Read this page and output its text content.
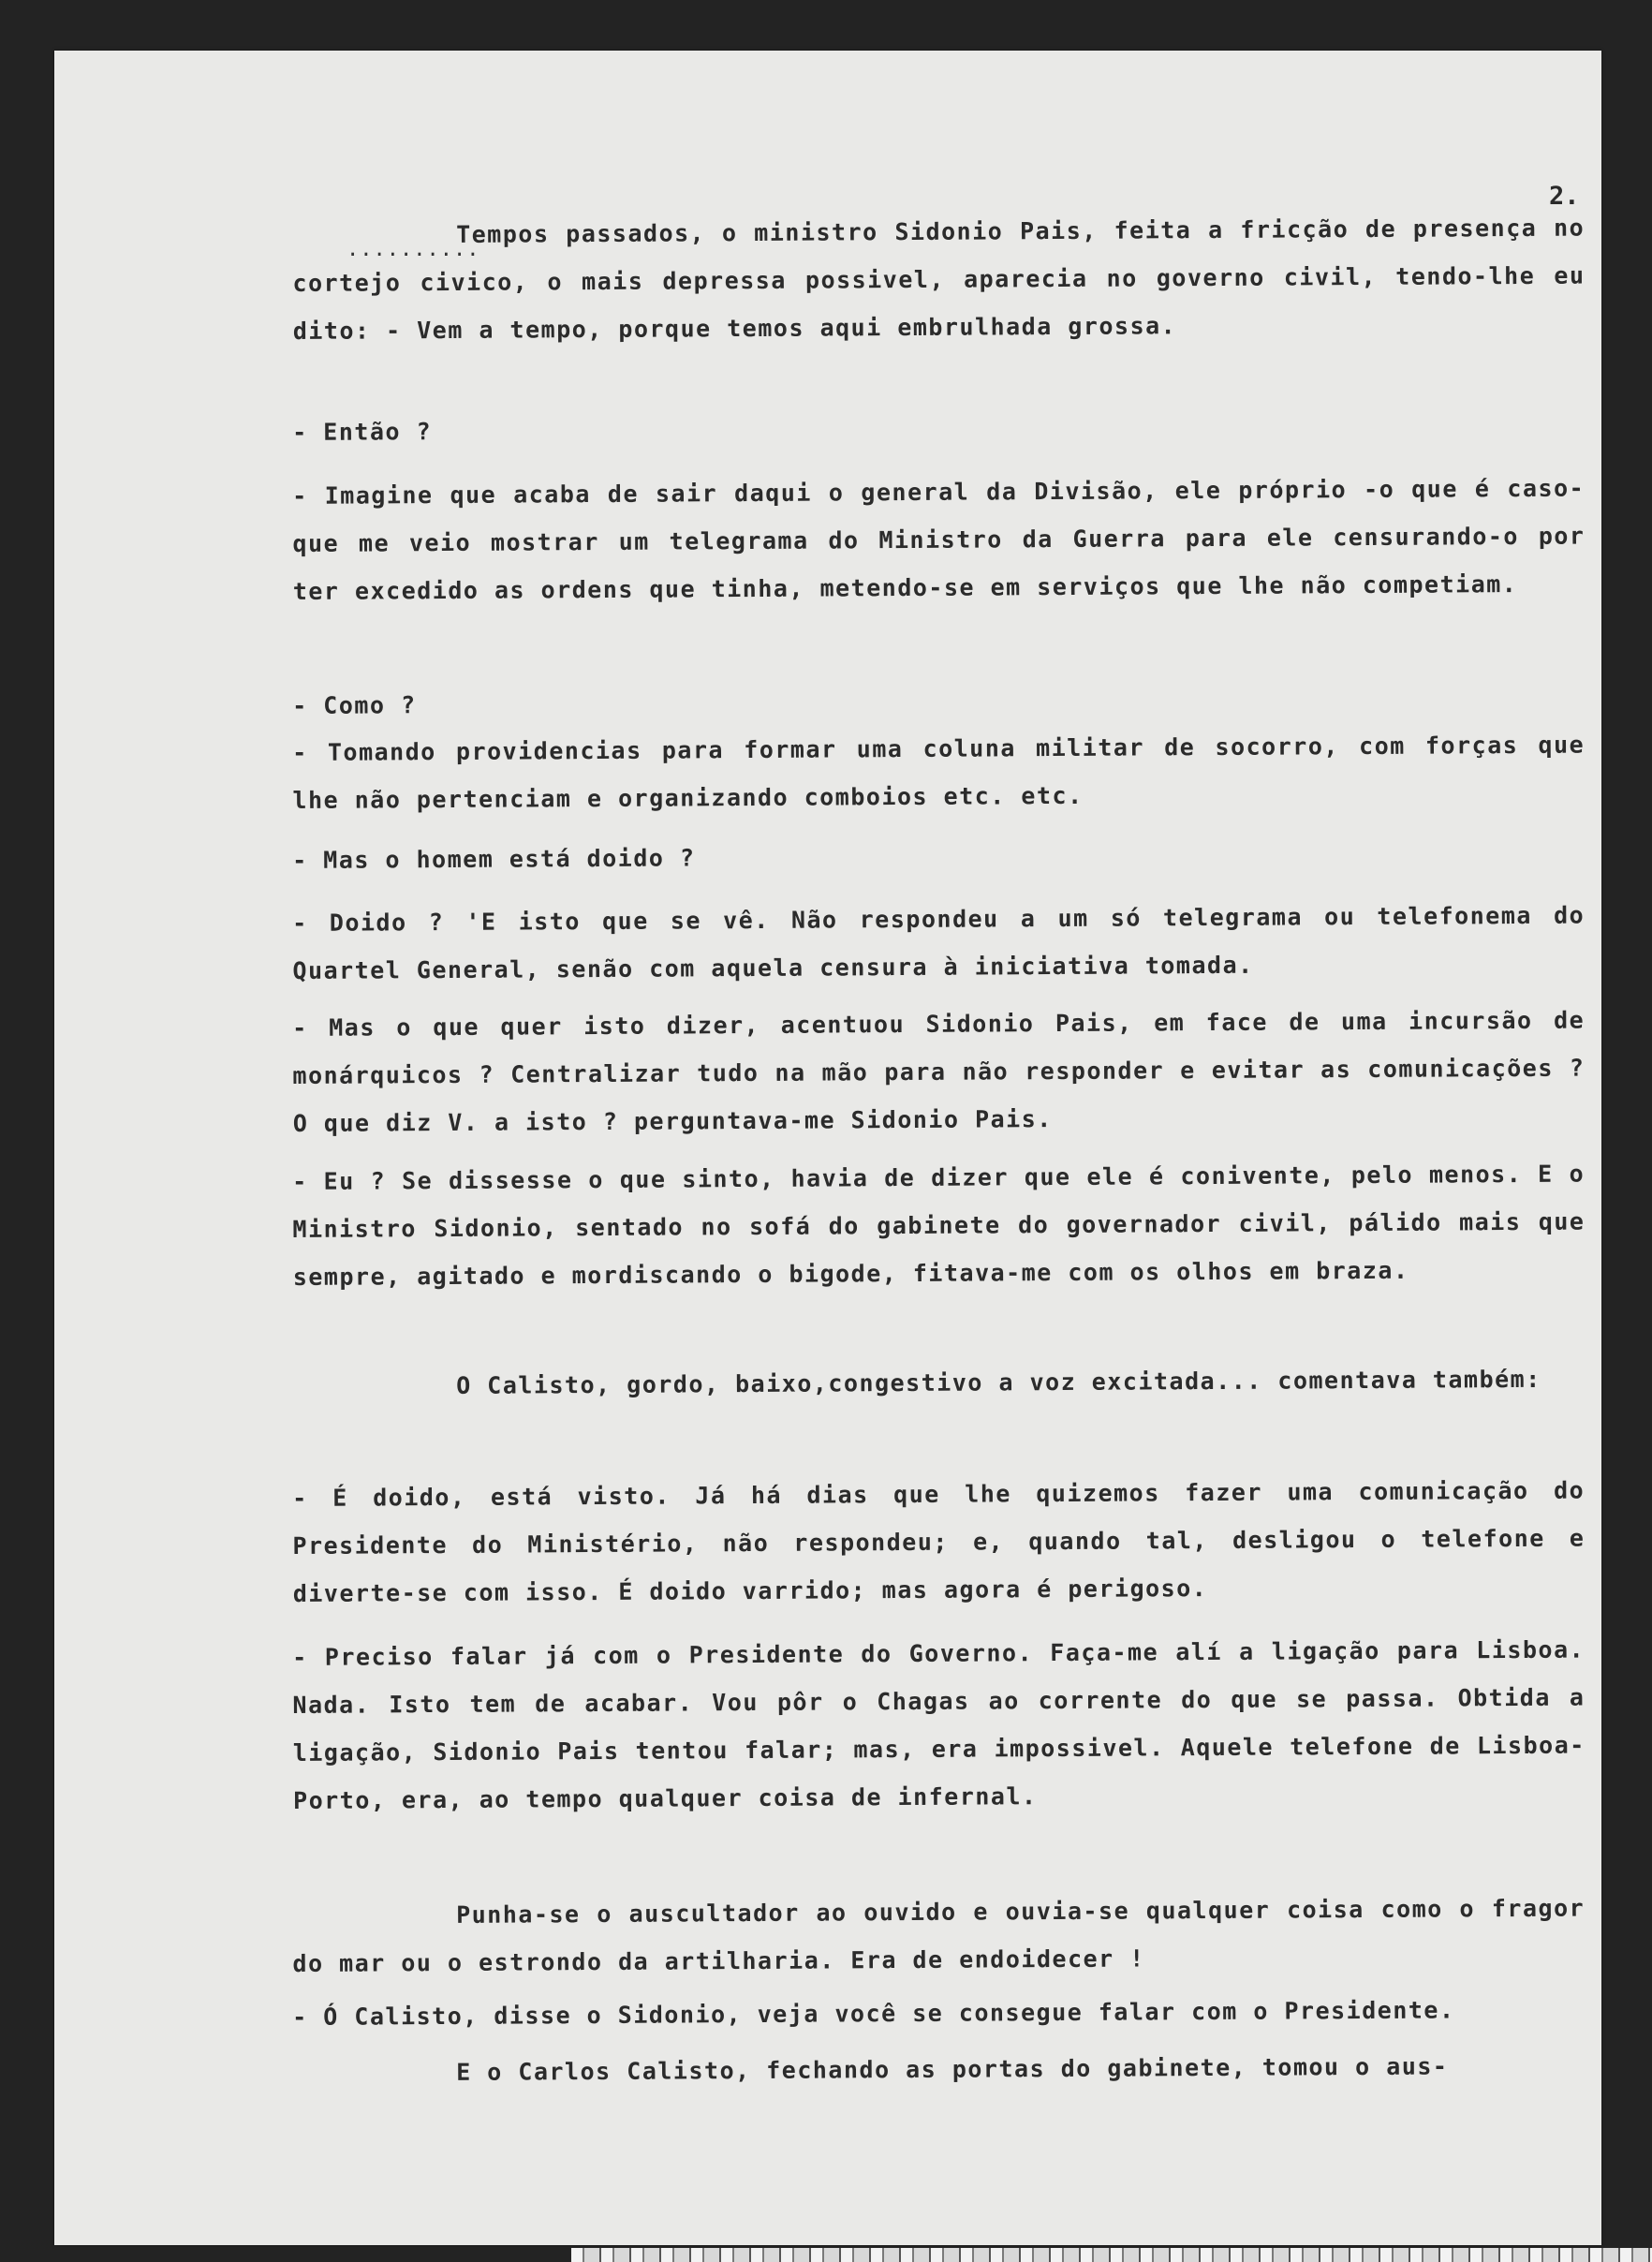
2.

..........

Tempos passados, o ministro Sidonio Pais, feita a fricção de presença no cortejo civico, o mais depressa possivel, aparecia no governo civil, tendo-lhe eu dito: - Vem a tempo, porque temos aqui embrulhada grossa.

- Então ?

- Imagine que acaba de sair daqui o general da Divisão, ele próprio -o que é caso- que me veio mostrar um telegrama do Ministro da Guerra para ele censurando-o por ter excedido as ordens que tinha, metendo-se em serviços que lhe não competiam.

- Como ?

- Tomando providencias para formar uma coluna militar de socorro, com forças que lhe não pertenciam e organizando comboios etc. etc.

- Mas o homem está doido ?

- Doido ? 'E isto que se vê. Não respondeu a um só telegrama ou telefonema do Quartel General, senão com aquela censura à iniciativa tomada.

- Mas o que quer isto dizer, acentuou Sidonio Pais, em face de uma incursão de monárquicos ? Centralizar tudo na mão para não responder e evitar as comunicações ? O que diz V. a isto ? perguntava-me Sidonio Pais.

- Eu ? Se dissesse o que sinto, havia de dizer que ele é conivente, pelo menos. E o Ministro Sidonio, sentado no sofá do gabinete do governador civil, pálido mais que sempre, agitado e mordiscando o bigode, fitava-me com os olhos em braza.

O Calisto, gordo, baixo,congestivo a voz excitada... comentava também:

- É doido, está visto. Já há dias que lhe quizemos fazer uma comunicação do Presidente do Ministério, não respondeu; e, quando tal, desligou o telefone e diverte-se com isso. É doido varrido; mas agora é perigoso.

- Preciso falar já com o Presidente do Governo. Faça-me alí a ligação para Lisboa. Nada. Isto tem de acabar. Vou pôr o Chagas ao corrente do que se passa. Obtida a ligação, Sidonio Pais tentou falar; mas, era impossivel. Aquele telefone de Lisboa-Porto, era, ao tempo qualquer coisa de infernal.

Punha-se o auscultador ao ouvido e ouvia-se qualquer coisa como o fragor do mar ou o estrondo da artilharia. Era de endoidecer !

- Ó Calisto, disse o Sidonio, veja você se consegue falar com o Presidente.

E o Carlos Calisto, fechando as portas do gabinete, tomou o aus-
